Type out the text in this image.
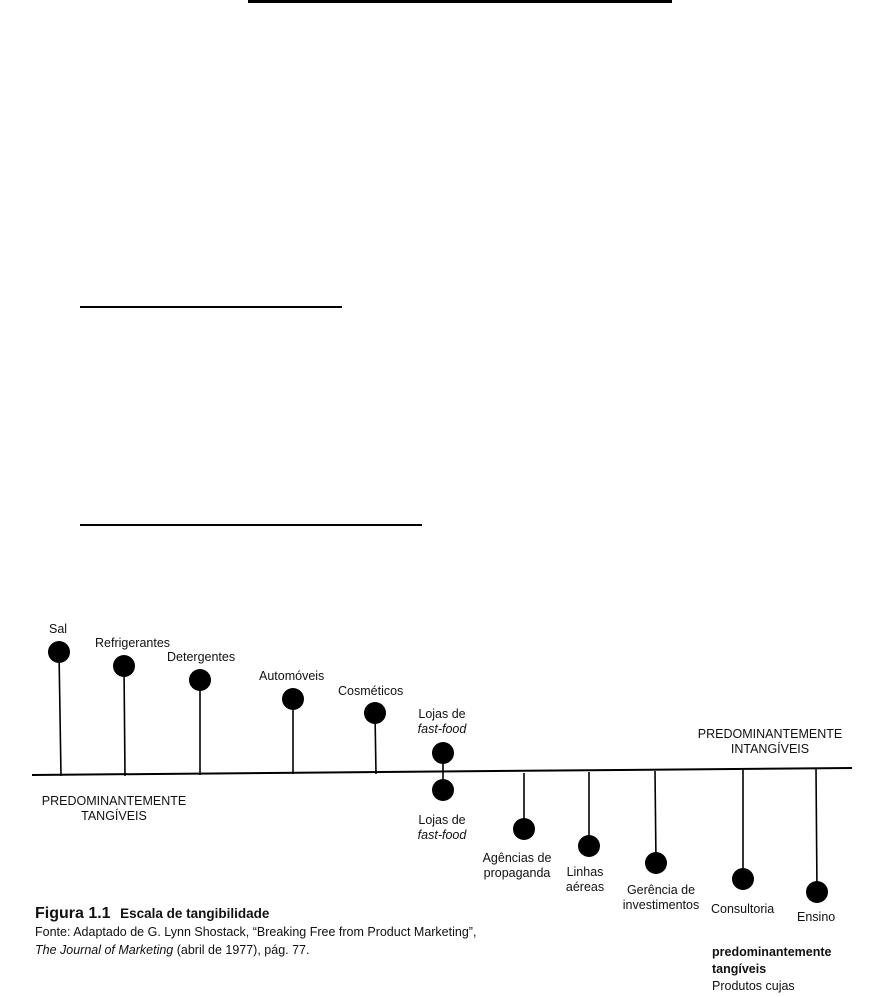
Sal
Refrigerantes
Detergentes
Automóveis
Cosméticos
Lojas de
fast-food
Lojas de
fast-food
Agências de
propaganda Linhas
aéreas	Gerência de
investimentos Consultoria
Ensino
PREDOMINANTEMENTE
TANGÍVEIS
PREDOMINANTEMENTE
INTANGÍVEIS
Figura 1.1 Escala de tangibilidade
Fonte: Adaptado de G. Lynn Shostack, “Breaking Free from Product Marketing”,
The Journal of Marketing (abril de 1977), pág. 77.	predominantemente
tangíveis
Produtos cujas
